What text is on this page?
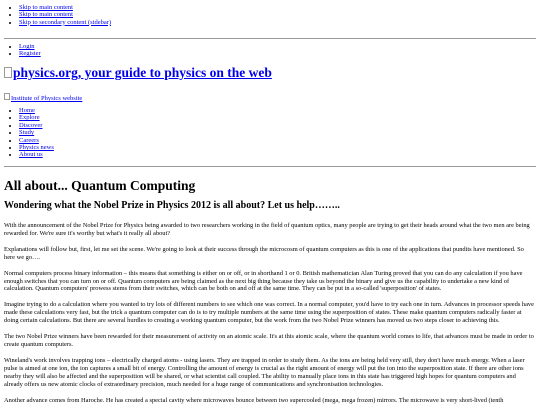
• Skip to main content
• Skip to main content
• Skip to secondary content (sidebar)
• Login
• Register
physics.org, your guide to physics on the web
Institute of Physics website
• Home
• Explore
• Discover
• Study
• Careers
• Physics news
• About us
All about... Quantum Computing
Wondering what the Nobel Prize in Physics 2012 is all about? Let us help……..

With the announcement of the Nobel Prize for Physics being awarded to two researchers working in the field of quantum optics, many people are trying to get their heads around what the two men are being rewarded for. We're sure it's worthy but what's it really all about?

Explanations will follow but, first, let me set the scene. We're going to look at their success through the microcosm of quantum computers as this is one of the applications that pundits have mentioned. So here we go….

Normal computers process binary information – this means that something is either on or off, or in shorthand 1 or 0. British mathematician Alan Turing proved that you can do any calculation if you have enough switches that you can turn on or off. Quantum computers are being claimed as the next big thing because they take us beyond the binary and give us the capability to undertake a new kind of calculation. Quantum computers' prowess stems from their switches, which can be both on and off at the same time. They can be put in a so-called 'superposition' of states.

Imagine trying to do a calculation where you wanted to try lots of different numbers to see which one was correct. In a normal computer, you'd have to try each one in turn. Advances in processor speeds have made these calculations very fast, but the trick a quantum computer can do is to try multiple numbers at the same time using the superposition of states. These make quantum computers radically faster at doing certain calculations. But there are several hurdles to creating a working quantum computer, but the work from the two Nobel Prize winners has moved us two steps closer to achieving this.

The two Nobel Prize winners have been rewarded for their measurement of activity on an atomic scale. It's at this atomic scale, where the quantum world comes to life, that advances must be made in order to create quantum computers.

Wineland's work involves trapping ions – electrically charged atoms - using lasers. They are trapped in order to study them. As the ions are being held very still, they don't have much energy. When a laser pulse is aimed at one ion, the ion captures a small bit of energy. Controlling the amount of energy is crucial as the right amount of energy will put the ion into the superposition state. If there are other ions nearby they will also be affected and the superposition will be shared, or what scientist call coupled. The ability to manually place ions in this state has triggered high hopes for quantum computers and already offers us new atomic clocks of extraordinary precision, much needed for a huge range of communications and synchronisation technologies.

Another advance comes from Haroche. He has created a special cavity where microwaves bounce between two supercooled (mega, mega frozen) mirrors. The microwave is very short-lived (tenth
